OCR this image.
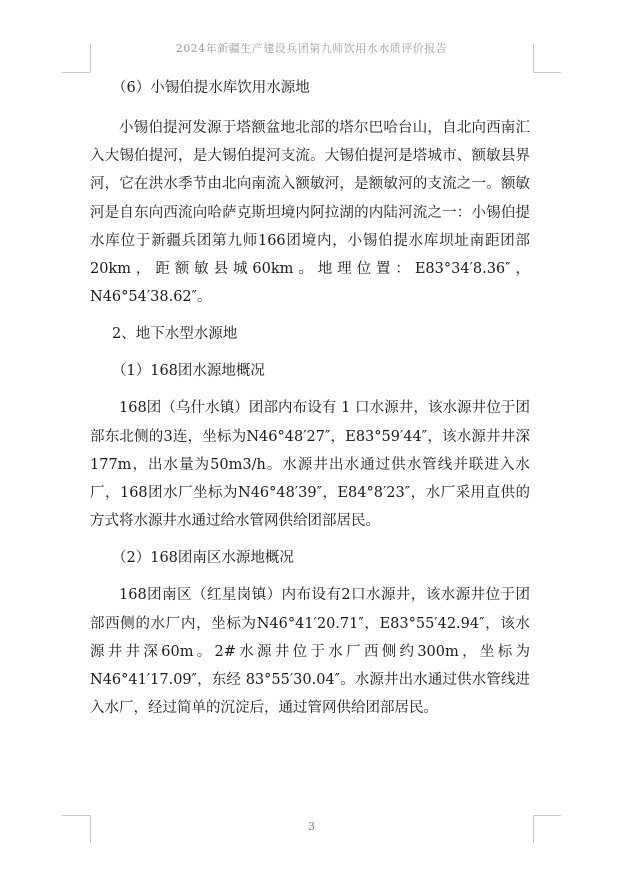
2024年新疆生产建设兵团第九师饮用水水质评价报告

（6）小锡伯提水库饮用水源地

小锡伯提河发源于塔额盆地北部的塔尔巴哈台山，自北向西南汇入大锡伯提河，是大锡伯提河支流。大锡伯提河是塔城市、额敏县界河，它在洪水季节由北向南流入额敏河，是额敏河的支流之一。额敏河是自东向西流向哈萨克斯坦境内阿拉湖的内陆河流之一：小锡伯提水库位于新疆兵团第九师166团境内，小锡伯提水库坝址南距团部20km，距额敏县城60km。地理位置：E83°34′8.36″，N46°54′38.62″。

2、地下水型水源地

（1）168团水源地概况

168团（乌什水镇）团部内布设有 1 口水源井，该水源井位于团部东北侧的3连，坐标为N46°48′27″，E83°59′44″，该水源井井深177m，出水量为50m3/h。水源井出水通过供水管线并联进入水厂，168团水厂坐标为N46°48′39″，E84°8′23″，水厂采用直供的方式将水源井水通过给水管网供给团部居民。

（2）168团南区水源地概况

168团南区（红星岗镇）内布设有2口水源井，该水源井位于团部西侧的水厂内，坐标为N46°41′20.71″，E83°55′42.94″，该水源井井深60m。2#水源井位于水厂西侧约300m，坐标为N46°41′17.09″，东经 83°55′30.04″。水源井出水通过供水管线进入水厂，经过简单的沉淀后，通过管网供给团部居民。

3
